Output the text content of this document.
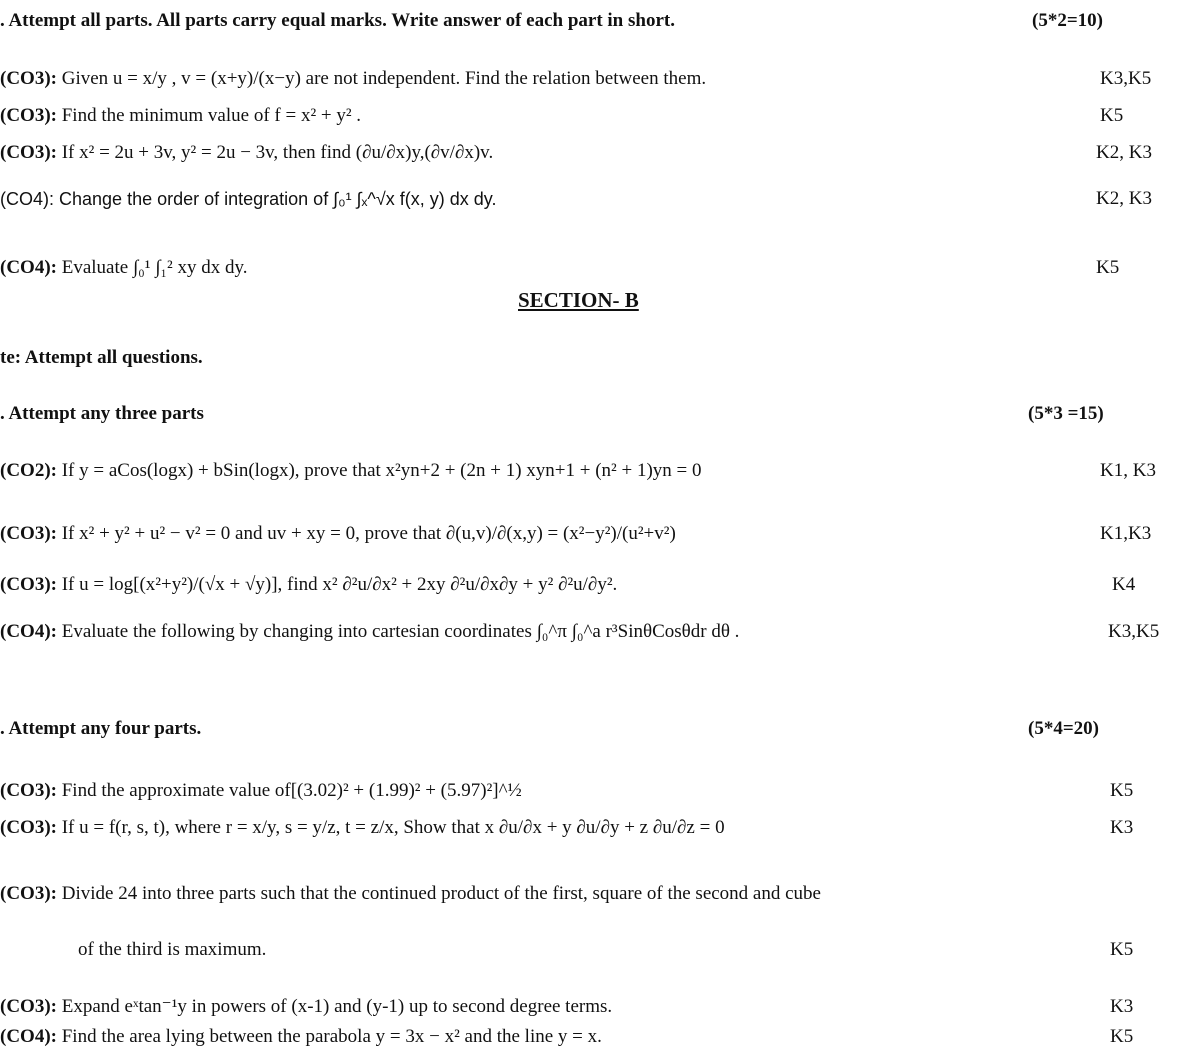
. Attempt all parts. All parts carry equal marks. Write answer of each part in short.	(5*2=10)
(CO3): Given u = x/y , v = (x+y)/(x−y) are not independent. Find the relation between them.	K3,K5
(CO3): Find the minimum value of f = x² + y² .	K5
(CO3): If x² = 2u + 3v, y² = 2u − 3v, then find (∂u/∂x)y,(∂v/∂x)v.	K2, K3
(CO4): Change the order of integration of ∫₀¹ ∫ₓ^√x f(x, y) dx dy.	K2, K3
(CO4): Evaluate ∫₀¹ ∫₁² xy dx dy.	K5
SECTION- B
te: Attempt all questions.
. Attempt any three parts	(5*3 =15)
(CO2): If y = aCos(logx) + bSin(logx), prove that x²yn+2 + (2n + 1) xyn+1 + (n² + 1)yn = 0	K1, K3
(CO3): If x² + y² + u² − v² = 0 and uv + xy = 0, prove that ∂(u,v)/∂(x,y) = (x²−y²)/(u²+v²)	K1,K3
(CO3): If u = log[(x²+y²)/(√x + √y)], find x² ∂²u/∂x² + 2xy ∂²u/∂x∂y + y² ∂²u/∂y².	K4
(CO4): Evaluate the following by changing into cartesian coordinates ∫₀^π ∫₀^a r³SinθCosθdr dθ .	K3,K5
. Attempt any four parts.	(5*4=20)
(CO3): Find the approximate value of[(3.02)² + (1.99)² + (5.97)²]^½	K5
(CO3): If u = f(r, s, t), where r = x/y, s = y/z, t = z/x, Show that x ∂u/∂x + y ∂u/∂y + z ∂u/∂z = 0	K3
(CO3): Divide 24 into three parts such that the continued product of the first, square of the second and cube
of the third is maximum.	K5
(CO3): Expand eˣtan⁻¹y in powers of (x-1) and (y-1) up to second degree terms.	K3
(CO4): Find the area lying between the parabola y = 3x − x² and the line y = x.	K5
